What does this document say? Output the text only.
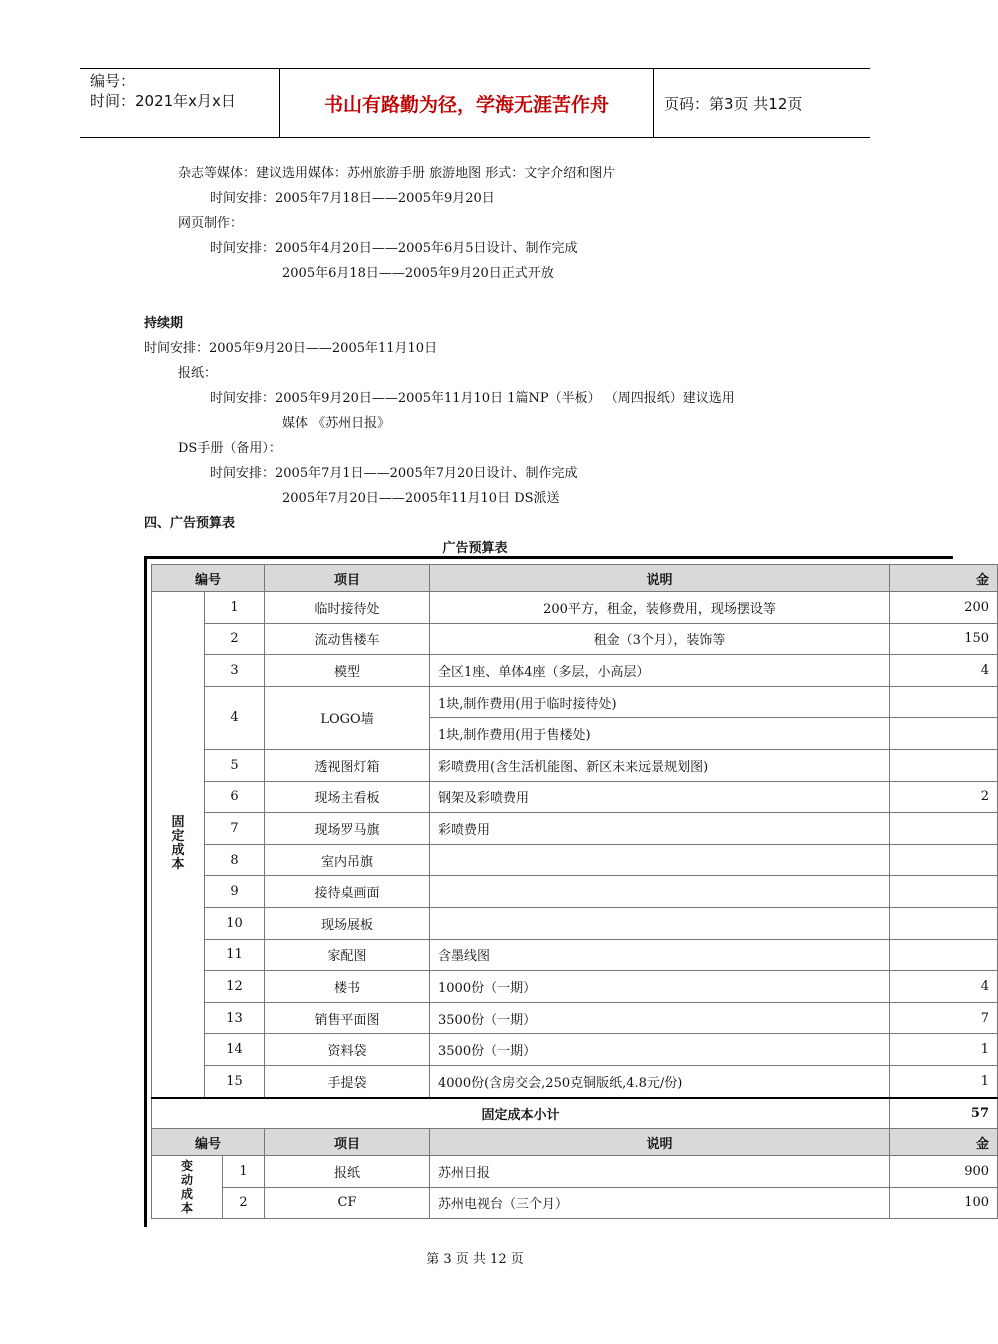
编号：
时间：2021年x月x日	书山有路勤为径，学海无涯苦作舟	页码：第3页 共12页
杂志等媒体：建议选用媒体：苏州旅游手册 旅游地图 形式：文字介绍和图片
时间安排：2005年7月18日——2005年9月20日
网页制作：
时间安排：2005年4月20日——2005年6月5日设计、制作完成
2005年6月18日——2005年9月20日正式开放
持续期
时间安排：2005年9月20日——2005年11月10日
报纸：
时间安排：2005年9月20日——2005年11月10日 1篇NP（半板） （周四报纸）建议选用
媒体 《苏州日报》
DS手册（备用）：
时间安排：2005年7月1日——2005年7月20日设计、制作完成
2005年7月20日——2005年11月10日 DS派送
四、广告预算表
广告预算表
编号		项目	说明	金

固
定
成
本	1	临时接待处	200平方，租金，装修费用，现场摆设等	200
	2	流动售楼车	租金（3个月），装饰等	150
	3	模型	全区1座、单体4座（多层，小高层）	4
	4	LOGO墙	1块,制作费用(用于临时接待处)	
			1块,制作费用(用于售楼处)	
	5	透视图灯箱	彩喷费用(含生活机能图、新区未来远景规划图)	
	6	现场主看板	钢架及彩喷费用	2
	7	现场罗马旗	彩喷费用	
	8	室内吊旗		
	9	接待桌画面		
	10	现场展板		
	11	家配图	含墨线图	
	12	楼书	1000份（一期）	4
	13	销售平面图	3500份（一期）	7
	14	资料袋	3500份（一期）	1
	15	手提袋	4000份(含房交会,250克铜版纸,4.8元/份)	1
固定成本小计				57
编号		项目	说明	金

变
动
成
本	1	报纸	苏州日报	900
	2	CF	苏州电视台（三个月）	100
第 3 页 共 12 页
